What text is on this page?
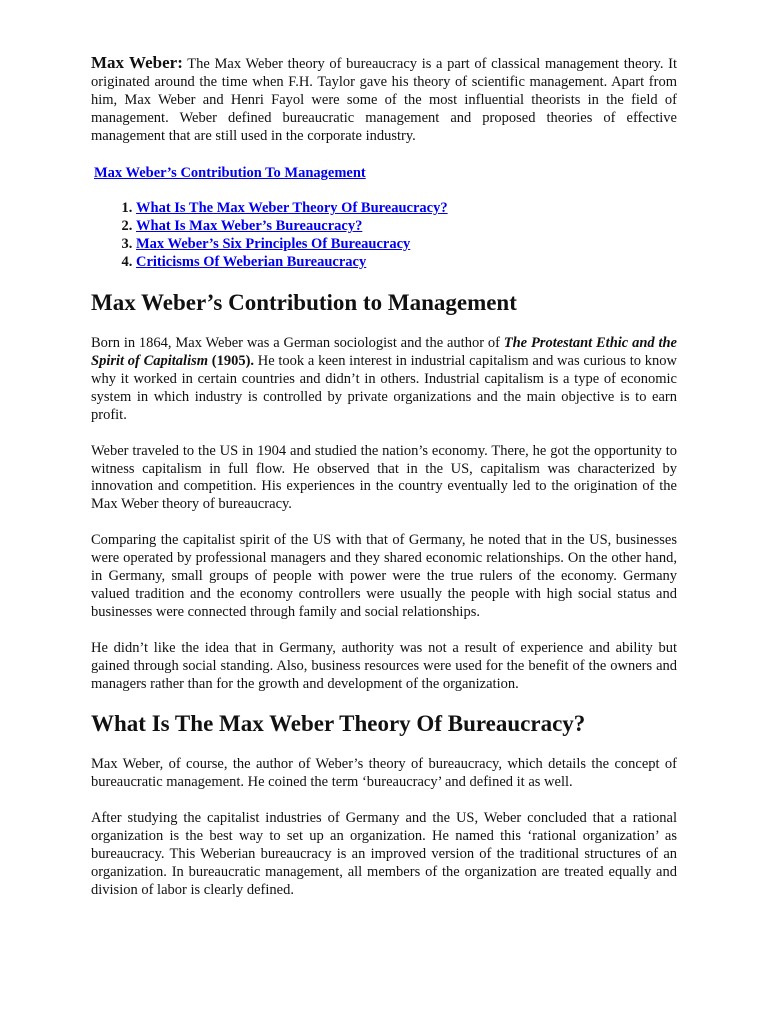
Max Weber: The Max Weber theory of bureaucracy is a part of classical management theory. It originated around the time when F.H. Taylor gave his theory of scientific management. Apart from him, Max Weber and Henri Fayol were some of the most influential theorists in the field of management. Weber defined bureaucratic management and proposed theories of effective management that are still used in the corporate industry.

Max Weber’s Contribution To Management
1. What Is The Max Weber Theory Of Bureaucracy?
2. What Is Max Weber’s Bureaucracy?
3. Max Weber’s Six Principles Of Bureaucracy
4. Criticisms Of Weberian Bureaucracy
Max Weber’s Contribution to Management

Born in 1864, Max Weber was a German sociologist and the author of The Protestant Ethic and the Spirit of Capitalism (1905). He took a keen interest in industrial capitalism and was curious to know why it worked in certain countries and didn’t in others. Industrial capitalism is a type of economic system in which industry is controlled by private organizations and the main objective is to earn profit.

Weber traveled to the US in 1904 and studied the nation’s economy. There, he got the opportunity to witness capitalism in full flow. He observed that in the US, capitalism was characterized by innovation and competition. His experiences in the country eventually led to the origination of the Max Weber theory of bureaucracy.

Comparing the capitalist spirit of the US with that of Germany, he noted that in the US, businesses were operated by professional managers and they shared economic relationships. On the other hand, in Germany, small groups of people with power were the true rulers of the economy. Germany valued tradition and the economy controllers were usually the people with high social status and businesses were connected through family and social relationships.

He didn’t like the idea that in Germany, authority was not a result of experience and ability but gained through social standing. Also, business resources were used for the benefit of the owners and managers rather than for the growth and development of the organization.

What Is The Max Weber Theory Of Bureaucracy?

Max Weber, of course, the author of Weber’s theory of bureaucracy, which details the concept of bureaucratic management. He coined the term ‘bureaucracy’ and defined it as well.

After studying the capitalist industries of Germany and the US, Weber concluded that a rational organization is the best way to set up an organization. He named this ‘rational organization’ as bureaucracy. This Weberian bureaucracy is an improved version of the traditional structures of an organization. In bureaucratic management, all members of the organization are treated equally and division of labor is clearly defined.
